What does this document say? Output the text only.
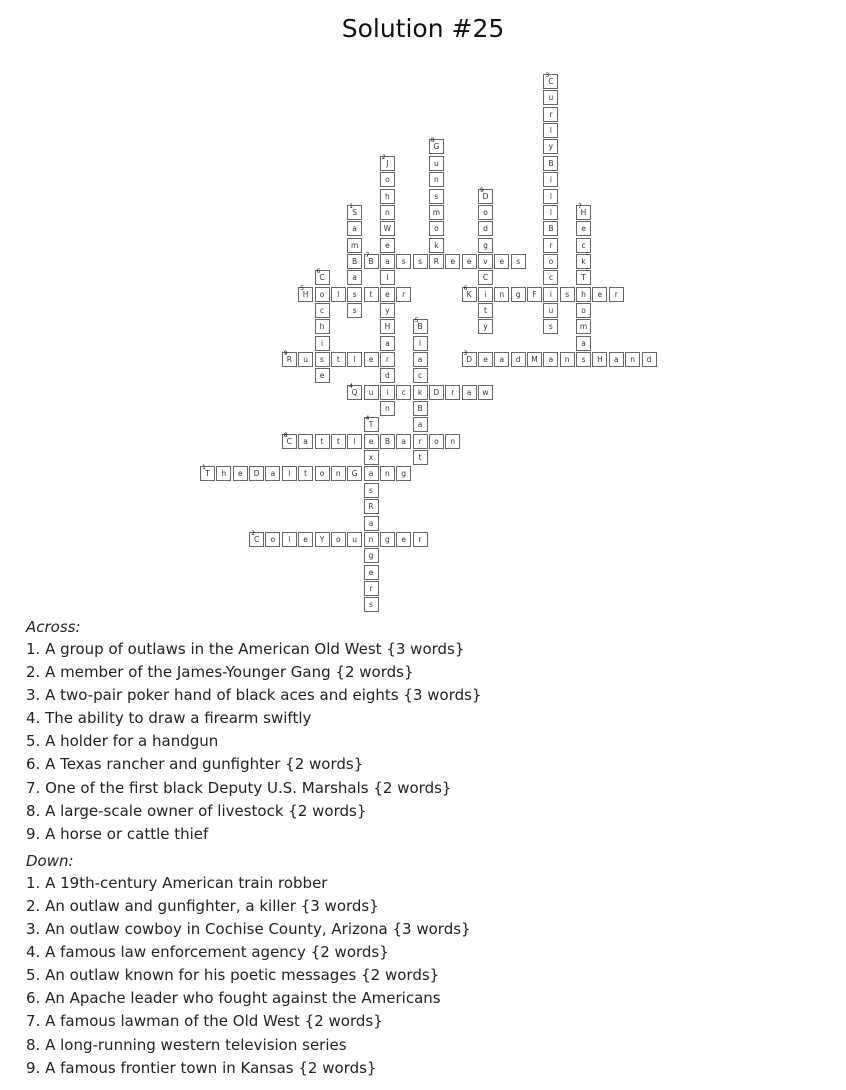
Solution #25
1
T	h	e	D	a	l	t	o	n	G	a	n	g
2
C	o	l	e	Y	o	u	n	g	e	r
3
D	e	a	d	M	a	n	s	H	a	n	d
4
Q	u	i	c	k	D	r	a	w
5
H	o	l	s	t	e	r
6
K	i	n	g	F	i	s	h	e	r
7
B	a	s	s	R	e	e	v	e	s
8
C	a	t	t	l	e	B	a	r	o	n
9
R	u	s	t	l	e	r
1
S
a
m
B
a
s
2
J
o
h
n
W
e
l
y
H
a
d
n
3
C
u
r
l
y
B
i
l
l
B
r
o
c
u
s
4
T
x
s
R
a
g
e
r
s
5
B
l
a
c
B
a
t
6
C
c
h
i
e
7
H
e
c
k
T
o
m
a
8
G
u
n
s
m
o
k
9
D
o
d
g
C
t
y
Across:
1. A group of outlaws in the American Old West {3 words}
2. A member of the James-Younger Gang {2 words}
3. A two-pair poker hand of black aces and eights {3 words}
4. The ability to draw a firearm swiftly
5. A holder for a handgun
6. A Texas rancher and gunfighter {2 words}
7. One of the first black Deputy U.S. Marshals {2 words}
8. A large-scale owner of livestock {2 words}
9. A horse or cattle thief
Down:
1. A 19th-century American train robber
2. An outlaw and gunfighter, a killer {3 words}
3. An outlaw cowboy in Cochise County, Arizona {3 words}
4. A famous law enforcement agency {2 words}
5. An outlaw known for his poetic messages {2 words}
6. An Apache leader who fought against the Americans
7. A famous lawman of the Old West {2 words}
8. A long-running western television series
9. A famous frontier town in Kansas {2 words}
